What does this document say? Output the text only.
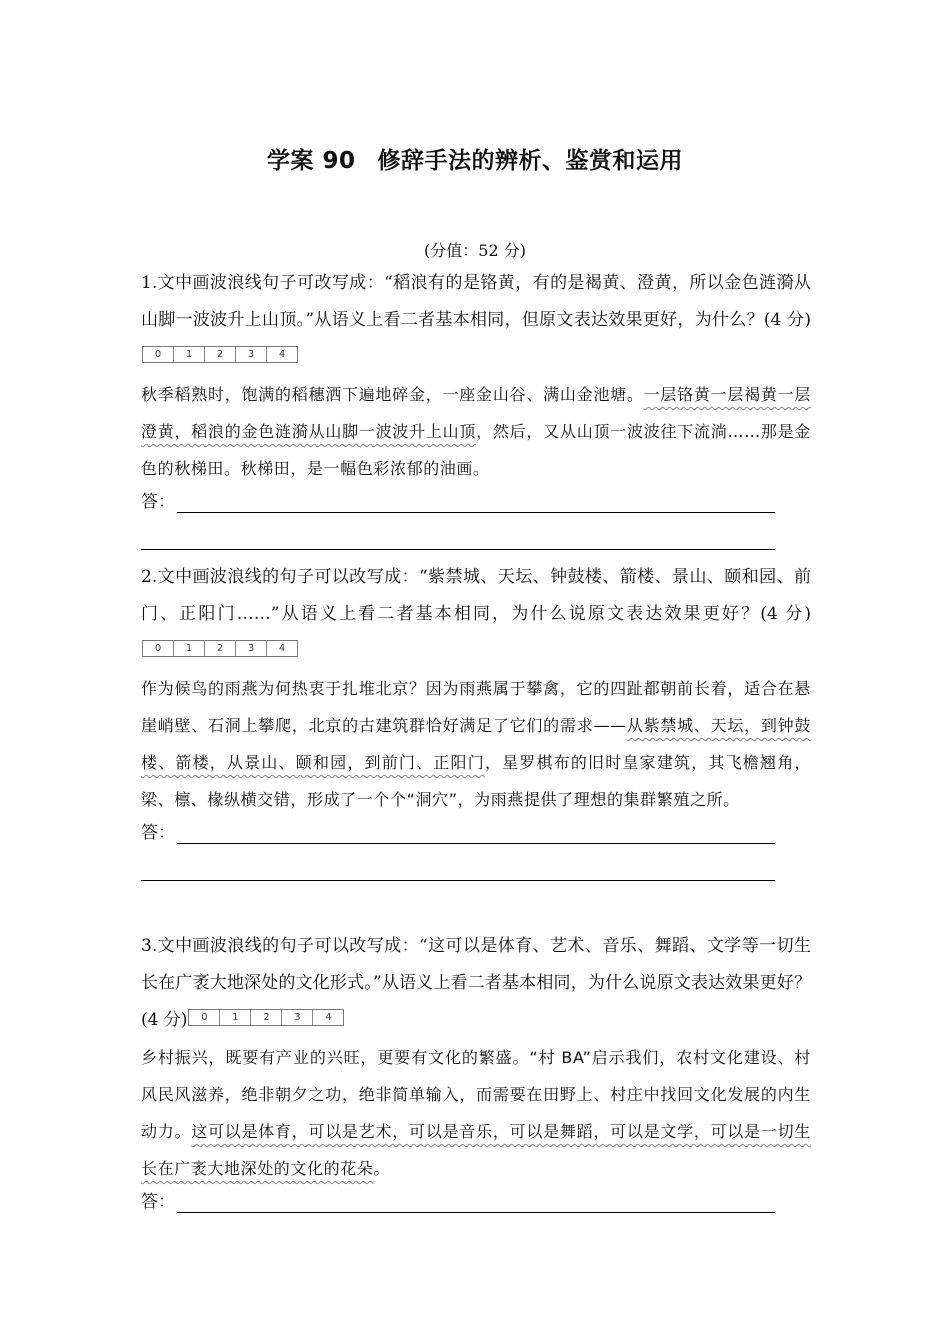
学案 90 修辞手法的辨析、鉴赏和运用
(分值：52 分)

1.文中画波浪线句子可改写成：“稻浪有的是铬黄，有的是褐黄、澄黄，所以金色涟漪从山脚一波波升上山顶。”从语义上看二者基本相同，但原文表达效果更好，为什么？(4 分)
0	1	2	3	4

秋季稻熟时，饱满的稻穗洒下遍地碎金，一座金山谷、满山金池塘。一层铬黄一层褐黄一层澄黄，稻浪的金色涟漪从山脚一波波升上山顶，然后，又从山顶一波波往下流淌……那是金色的秋梯田。秋梯田，是一幅色彩浓郁的油画。

答：

2.文中画波浪线的句子可以改写成：“紫禁城、天坛、钟鼓楼、箭楼、景山、颐和园、前门、正阳门……”从语义上看二者基本相同，为什么说原文表达效果更好？(4 分)
0	1	2	3	4

作为候鸟的雨燕为何热衷于扎堆北京？因为雨燕属于攀禽，它的四趾都朝前长着，适合在悬崖峭壁、石洞上攀爬，北京的古建筑群恰好满足了它们的需求——从紫禁城、天坛，到钟鼓楼、箭楼，从景山、颐和园，到前门、正阳门，星罗棋布的旧时皇家建筑，其飞檐翘角，梁、檩、椽纵横交错，形成了一个个“洞穴”，为雨燕提供了理想的集群繁殖之所。

答：

3.文中画波浪线的句子可以改写成：“这可以是体育、艺术、音乐、舞蹈、文学等一切生长在广袤大地深处的文化形式。”从语义上看二者基本相同，为什么说原文表达效果更好？(4 分)	0	1	2	3	4

乡村振兴，既要有产业的兴旺，更要有文化的繁盛。“村 BA”启示我们，农村文化建设、村风民风滋养，绝非朝夕之功，绝非简单输入，而需要在田野上、村庄中找回文化发展的内生动力。这可以是体育，可以是艺术，可以是音乐，可以是舞蹈，可以是文学，可以是一切生长在广袤大地深处的文化的花朵。

答：
